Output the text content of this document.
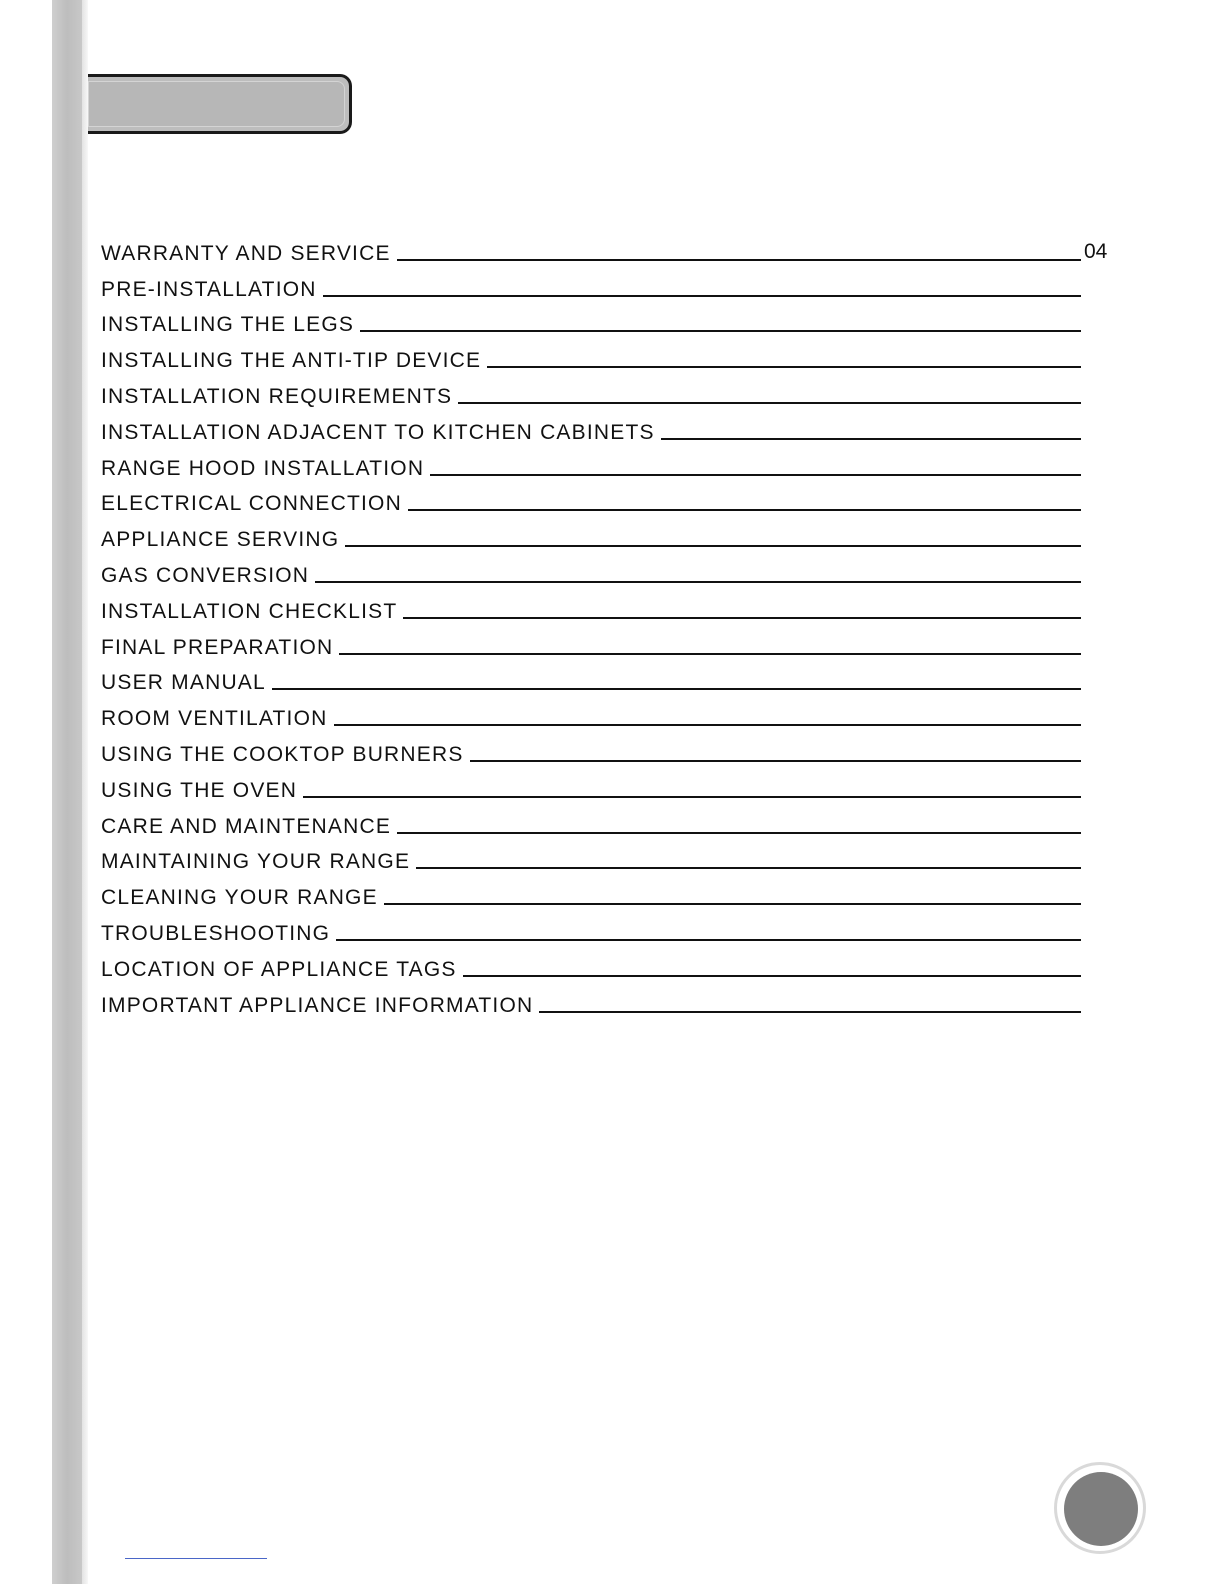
WARRANTY AND SERVICE
PRE-INSTALLATION
INSTALLING THE LEGS
INSTALLING THE ANTI-TIP DEVICE
INSTALLATION REQUIREMENTS
INSTALLATION ADJACENT TO KITCHEN CABINETS
RANGE HOOD INSTALLATION
ELECTRICAL CONNECTION
APPLIANCE SERVING
GAS CONVERSION
INSTALLATION CHECKLIST
FINAL PREPARATION
USER MANUAL
ROOM VENTILATION
USING THE COOKTOP BURNERS
USING THE OVEN
CARE AND MAINTENANCE
MAINTAINING YOUR RANGE
CLEANING YOUR RANGE
TROUBLESHOOTING
LOCATION OF APPLIANCE TAGS
IMPORTANT APPLIANCE INFORMATION
04
